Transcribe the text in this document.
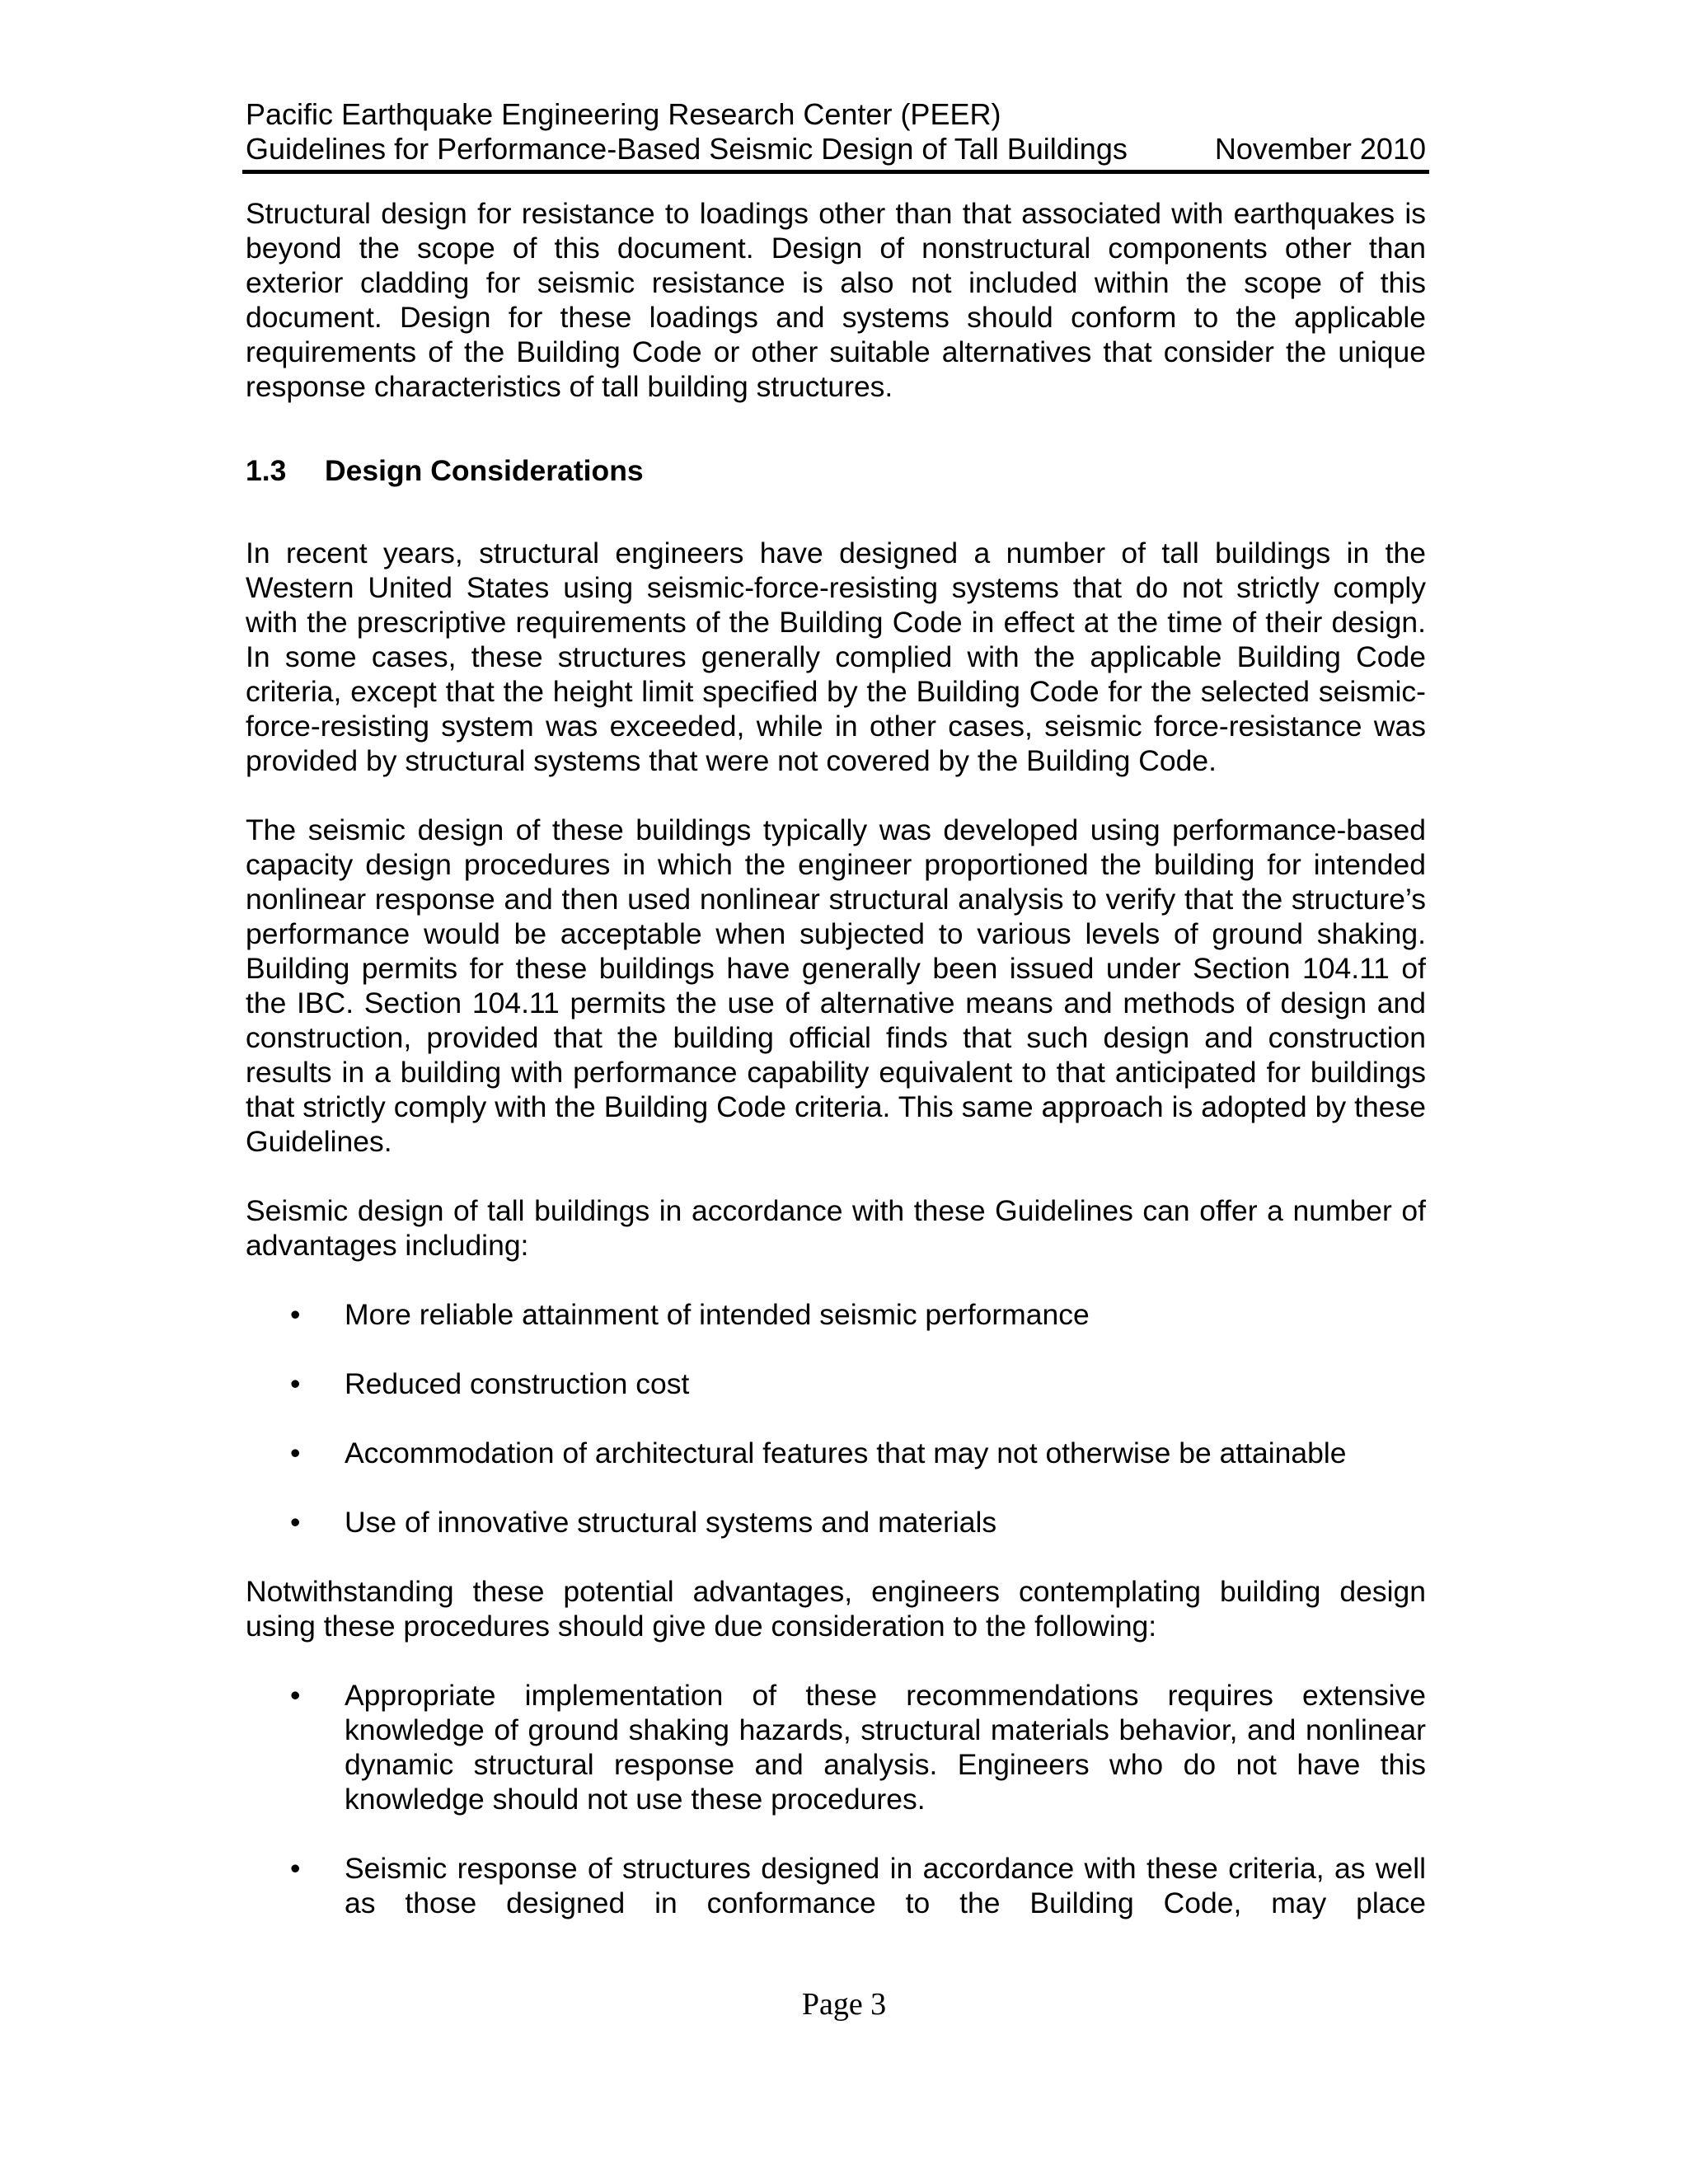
Pacific Earthquake Engineering Research Center (PEER)
Guidelines for Performance-Based Seismic Design of Tall Buildings	November 2010

Structural design for resistance to loadings other than that associated with earthquakes is beyond the scope of this document. Design of nonstructural components other than exterior cladding for seismic resistance is also not included within the scope of this document. Design for these loadings and systems should conform to the applicable requirements of the Building Code or other suitable alternatives that consider the unique response characteristics of tall building structures.

1.3	Design Considerations

In recent years, structural engineers have designed a number of tall buildings in the Western United States using seismic-force-resisting systems that do not strictly comply with the prescriptive requirements of the Building Code in effect at the time of their design. In some cases, these structures generally complied with the applicable Building Code criteria, except that the height limit specified by the Building Code for the selected seismic-force-resisting system was exceeded, while in other cases, seismic force-resistance was provided by structural systems that were not covered by the Building Code.

The seismic design of these buildings typically was developed using performance-based capacity design procedures in which the engineer proportioned the building for intended nonlinear response and then used nonlinear structural analysis to verify that the structure’s performance would be acceptable when subjected to various levels of ground shaking. Building permits for these buildings have generally been issued under Section 104.11 of the IBC. Section 104.11 permits the use of alternative means and methods of design and construction, provided that the building official finds that such design and construction results in a building with performance capability equivalent to that anticipated for buildings that strictly comply with the Building Code criteria. This same approach is adopted by these Guidelines.

Seismic design of tall buildings in accordance with these Guidelines can offer a number of advantages including:

• More reliable attainment of intended seismic performance
• Reduced construction cost
• Accommodation of architectural features that may not otherwise be attainable
• Use of innovative structural systems and materials

Notwithstanding these potential advantages, engineers contemplating building design using these procedures should give due consideration to the following:

• Appropriate implementation of these recommendations requires extensive knowledge of ground shaking hazards, structural materials behavior, and nonlinear dynamic structural response and analysis. Engineers who do not have this knowledge should not use these procedures.
• Seismic response of structures designed in accordance with these criteria, as well as those designed in conformance to the Building Code, may place
Page 3
